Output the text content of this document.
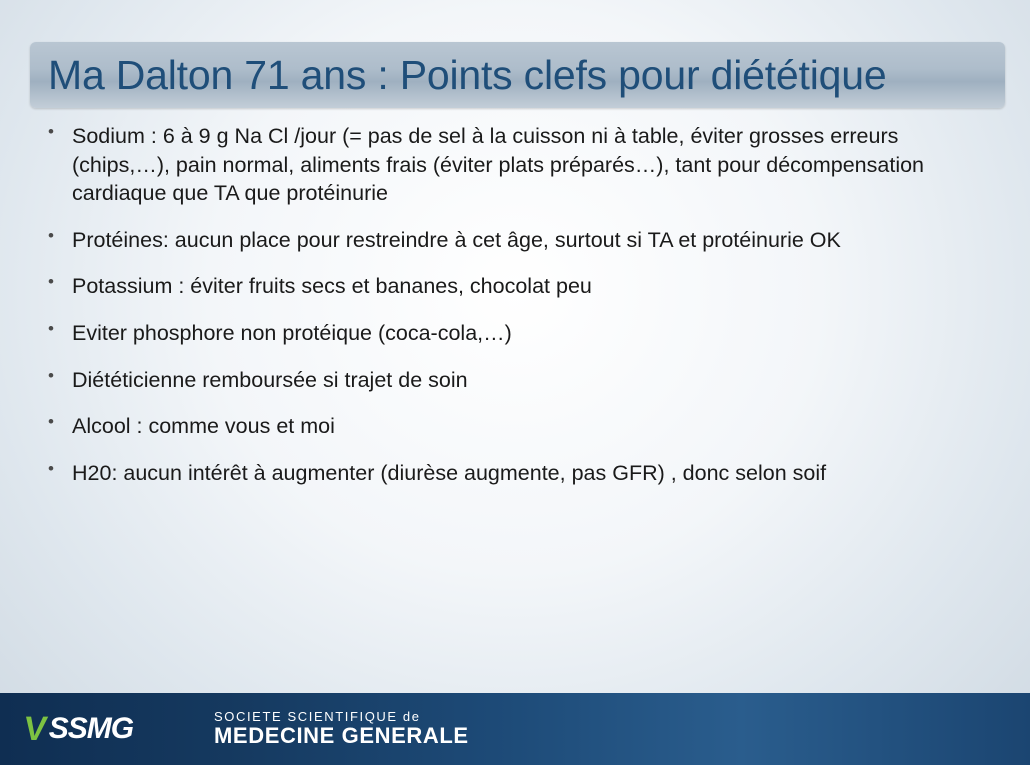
Ma Dalton 71 ans : Points clefs pour diététique
• Sodium : 6 à 9 g Na Cl /jour (= pas de sel à la cuisson ni à table, éviter grosses erreurs (chips,…), pain normal, aliments frais (éviter plats préparés…), tant pour décompensation cardiaque que TA que protéinurie
• Protéines: aucun place pour restreindre à cet âge, surtout si TA et protéinurie OK
• Potassium : éviter fruits secs et bananes, chocolat peu
• Eviter phosphore non protéique (coca-cola,…)
• Diététicienne remboursée si trajet de soin
• Alcool : comme vous et moi
• H20: aucun intérêt à augmenter (diurèse augmente, pas GFR) , donc selon soif
V SSMG	SOCIETE SCIENTIFIQUE de
MEDECINE GENERALE
